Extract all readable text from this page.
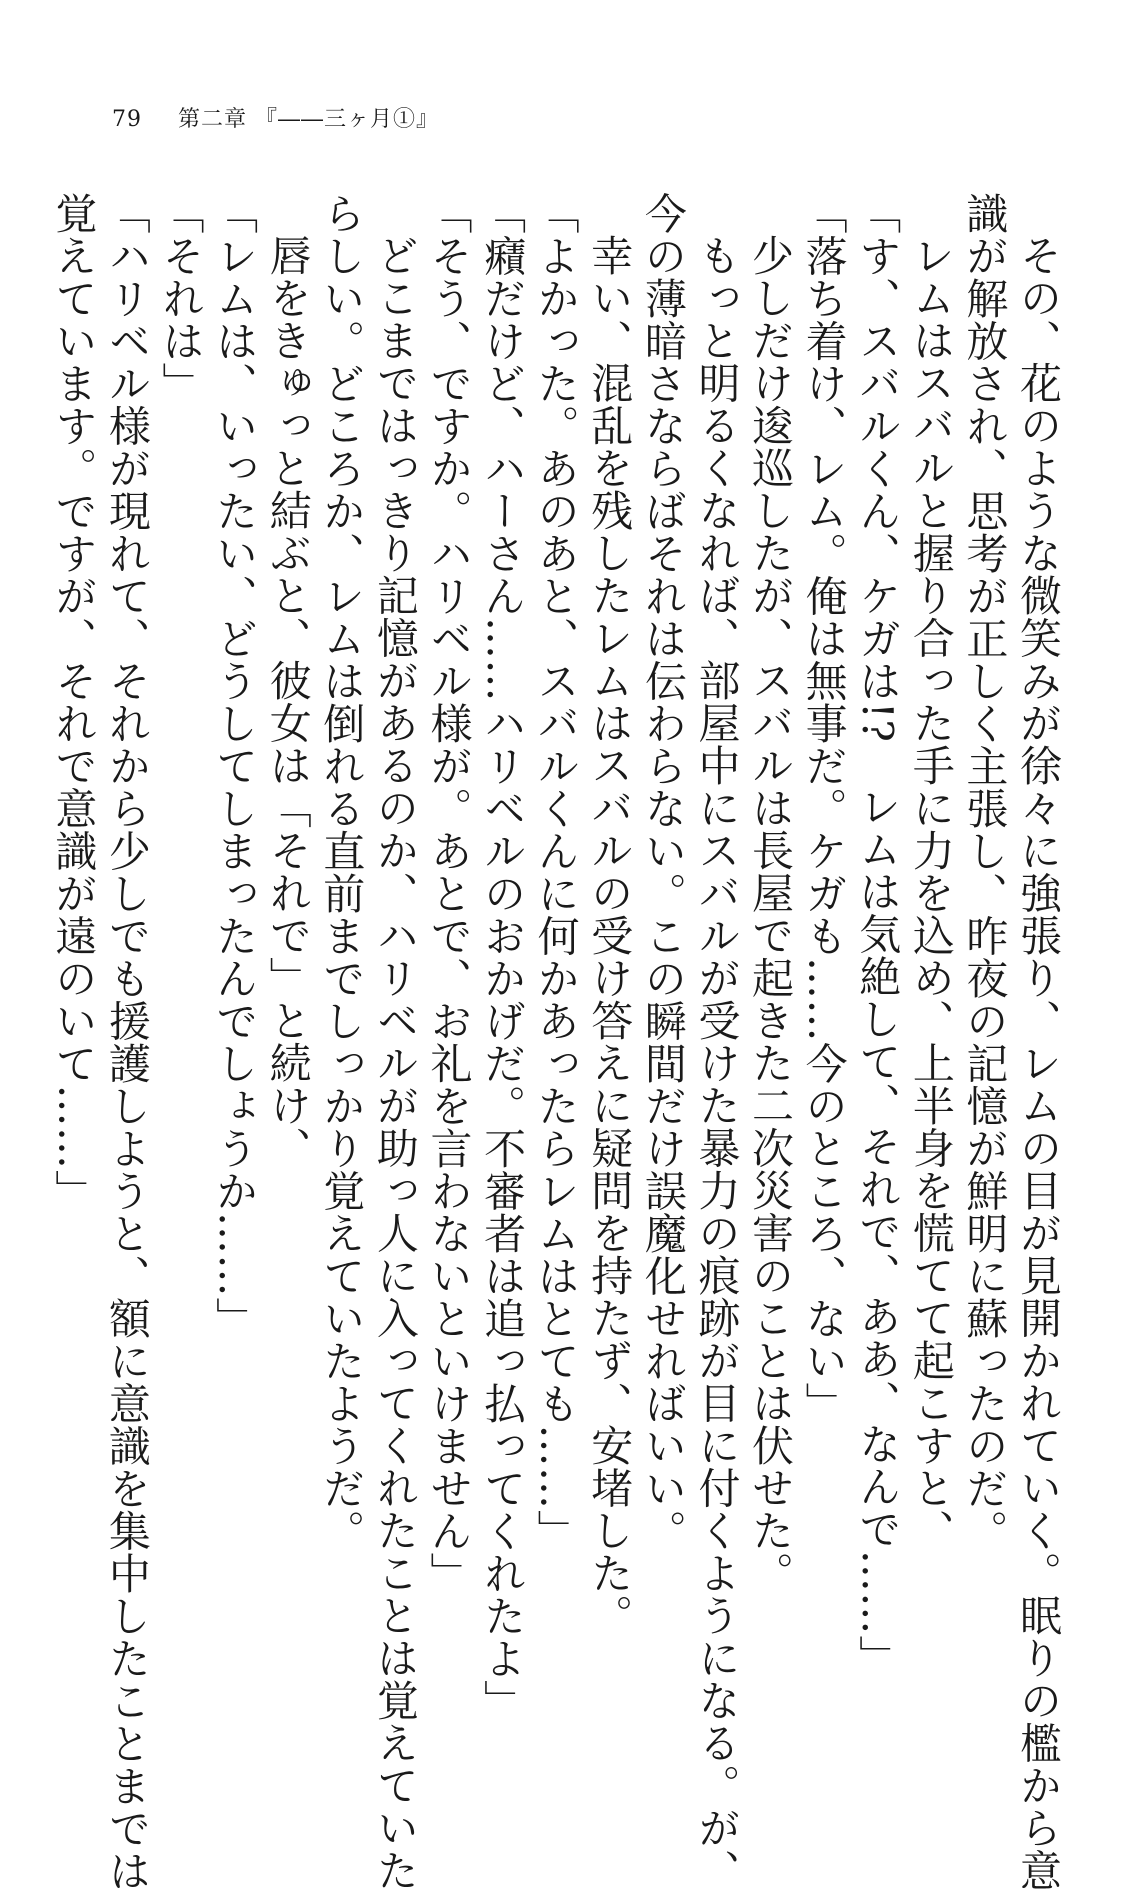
79 第二章 『――三ヶ月①』
その、花のような微笑みが徐々に強張り、レムの目が見開かれていく。眠りの檻から意
識が解放され、思考が正しく主張し、昨夜の記憶が鮮明に蘇ったのだ。
レムはスバルと握り合った手に力を込め、上半身を慌てて起こすと、
「す、スバルくん、ケガは!?　レムは気絶して、それで、ああ、なんで……」
「落ち着け、レム。俺は無事だ。ケガも……今のところ、ない」
少しだけ逡巡したが、スバルは長屋で起きた二次災害のことは伏せた。
もっと明るくなれば、部屋中にスバルが受けた暴力の痕跡が目に付くようになる。が、
今の薄暗さならばそれは伝わらない。この瞬間だけ誤魔化せればいい。
幸い、混乱を残したレムはスバルの受け答えに疑問を持たず、安堵した。
「よかった。あのあと、スバルくんに何かあったらレムはとても……」
「癪だけど、ハーさん……ハリベルのおかげだ。不審者は追っ払ってくれたよ」
「そう、ですか。ハリベル様が。あとで、お礼を言わないといけません」
どこまではっきり記憶があるのか、ハリベルが助っ人に入ってくれたことは覚えていた
らしい。どころか、レムは倒れる直前までしっかり覚えていたようだ。
唇をきゅっと結ぶと、彼女は「それで」と続け、
「レムは、いったい、どうしてしまったんでしょうか……」
「それは」
「ハリベル様が現れて、それから少しでも援護しようと、額に意識を集中したことまでは
覚えています。ですが、それで意識が遠のいて……」
